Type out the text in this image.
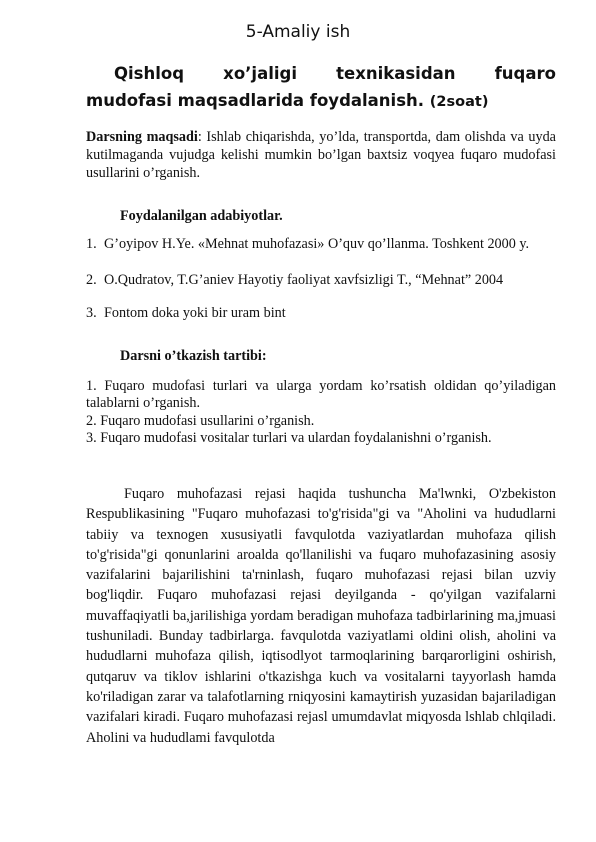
5-Amaliy ish
Qishloq xo’jaligi texnikasidan fuqaro
mudofasi maqsadlarida foydalanish. (2soat)
Darsning maqsadi: Ishlab chiqarishda, yo’lda, transportda, dam olishda va uyda kutilmaganda vujudga kelishi mumkin bo’lgan baxtsiz voqyea fuqaro mudofasi usullarini o’rganish.
Foydalanilgan adabiyotlar.
1. G’oyipov H.Ye. «Mehnat muhofazasi» O’quv qo’llanma. Toshkent 2000 y.
2. O.Qudratov, T.G’aniev Hayotiy faoliyat xavfsizligi T., “Mehnat” 2004
3. Fontom doka yoki bir uram bint
Darsni o’tkazish tartibi:
1. Fuqaro mudofasi turlari va ularga yordam ko’rsatish oldidan qo’yiladigan talablarni o’rganish.
2. Fuqaro mudofasi usullarini o’rganish.
3. Fuqaro mudofasi vositalar turlari va ulardan foydalanishni o’rganish.
Fuqaro muhofazasi rejasi haqida tushuncha Ma'lwnki, O'zbekiston Respublikasining "Fuqaro muhofazasi to'g'risida"gi va "Aholini va hududlarni tabiiy va texnogen xususiyatli favqulotda vaziyatlardan muhofaza qilish to'g'risida"gi qonunlarini aroalda qo'llanilishi va fuqaro muhofazasining asosiy vazifalarini bajarilishini ta'rninlash, fuqaro muhofazasi rejasi bilan uzviy bog'liqdir. Fuqaro muhofazasi rejasi deyilganda - qo'yilgan vazifalarni muvaffaqiyatli ba,jarilishiga yordam beradigan muhofaza tadbirlarining ma,jmuasi tushuniladi. Bunday tadbirlarga. favqulotda vaziyatlami oldini olish, aholini va hududlarni muhofaza qilish, iqtisodlyot tarmoqlarining barqarorligini oshirish, qutqaruv va tiklov ishlarini o'tkazishga kuch va vositalarni tayyorlash hamda ko'riladigan zarar va talafotlarning rniqyosini kamaytirish yuzasidan bajariladigan vazifalari kiradi. Fuqaro muhofazasi rejasl umumdavlat miqyosda lshlab chlqiladi. Aholini va hududlami favqulotda
